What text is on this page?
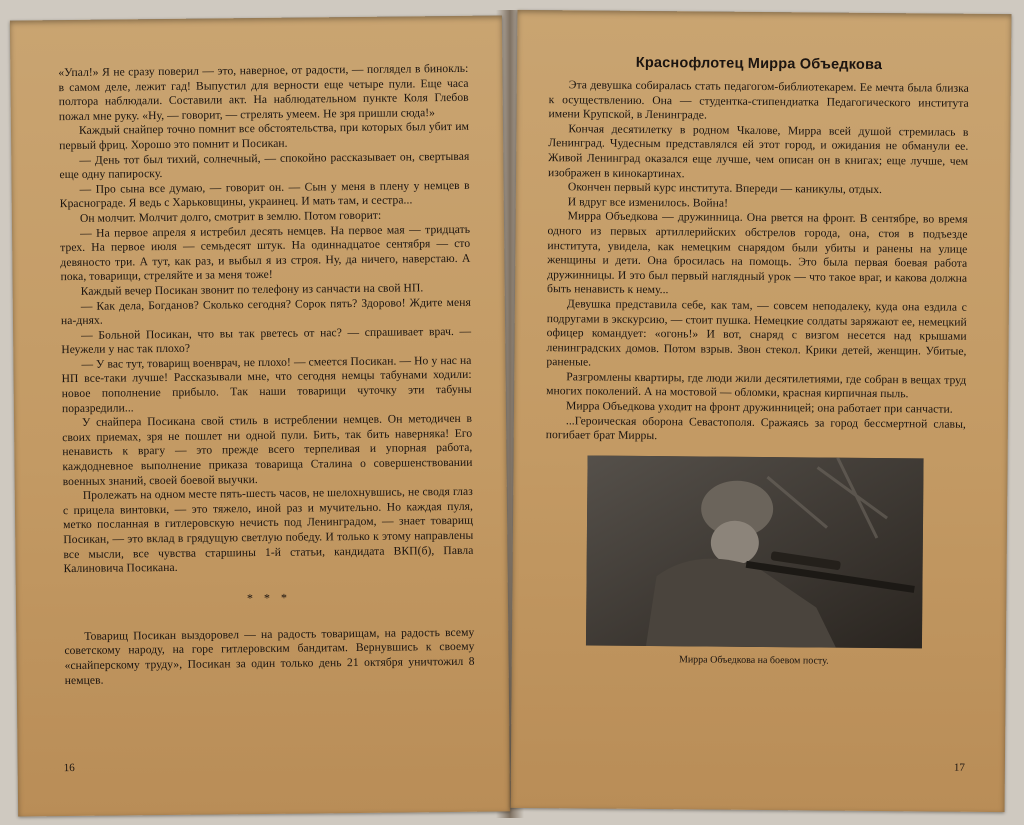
«Упал!» Я не сразу поверил — это, наверное, от радости, — поглядел в бинокль: в самом деле, лежит гад! Выпустил для верности еще четыре пули. Еще часа полтора наблюдали. Составили акт. На наблюдательном пункте Коля Глебов пожал мне руку. «Ну, — говорит, — стрелять умеем. Не зря пришли сюда!»

Каждый снайпер точно помнит все обстоятельства, при которых был убит им первый фриц. Хорошо это помнит и Посикан.

— День тот был тихий, солнечный, — спокойно рассказывает он, свертывая еще одну папироску.

— Про сына все думаю, — говорит он. — Сын у меня в плену у немцев в Краснограде. Я ведь с Харьковщины, украинец. И мать там, и сестра...

Он молчит. Молчит долго, смотрит в землю. Потом говорит:

— На первое апреля я истребил десять немцев. На первое мая — тридцать трех. На первое июля — семьдесят штук. На одиннадцатое сентября — сто девяносто три. А тут, как раз, и выбыл я из строя. Ну, да ничего, наверстаю. А пока, товарищи, стреляйте и за меня тоже!

Каждый вечер Посикан звонит по телефону из санчасти на свой НП.

— Как дела, Богданов? Сколько сегодня? Сорок пять? Здорово! Ждите меня на-днях.

— Больной Посикан, что вы так рветесь от нас? — спрашивает врач. — Неужели у нас так плохо?

— У вас тут, товарищ военврач, не плохо! — смеется Посикан. — Но у нас на НП все-таки лучше! Рассказывали мне, что сегодня немцы табунами ходили: новое пополнение прибыло. Так наши товарищи чуточку эти табуны поразредили...

У снайпера Посикана свой стиль в истреблении немцев. Он методичен в своих приемах, зря не пошлет ни одной пули. Бить, так бить наверняка! Его ненависть к врагу — это прежде всего терпеливая и упорная работа, каждодневное выполнение приказа товарища Сталина о совершенствовании военных знаний, своей боевой выучки.

Пролежать на одном месте пять-шесть часов, не шелохнувшись, не сводя глаз с прицела винтовки, — это тяжело, иной раз и мучительно. Но каждая пуля, метко посланная в гитлеровскую нечисть под Ленинградом, — знает товарищ Посикан, — это вклад в грядущую светлую победу. И только к этому направлены все мысли, все чувства старшины 1-й статьи, кандидата ВКП(б), Павла Калиновича Посикана.

* * *

Товарищ Посикан выздоровел — на радость товарищам, на радость всему советскому народу, на горе гитлеровским бандитам. Вернувшись к своему «снайперскому труду», Посикан за один только день 21 октября уничтожил 8 немцев.

16
Краснофлотец Мирра Объедкова

Эта девушка собиралась стать педагогом-библиотекарем. Ее мечта была близка к осуществлению. Она — студентка-стипендиатка Педагогического института имени Крупской, в Ленинграде.

Кончая десятилетку в родном Чкалове, Мирра всей душой стремилась в Ленинград. Чудесным представлялся ей этот город, и ожидания не обманули ее. Живой Ленинград оказался еще лучше, чем описан он в книгах; еще лучше, чем изображен в кинокартинах.

Окончен первый курс института. Впереди — каникулы, отдых.

И вдруг все изменилось. Война!

Мирра Объедкова — дружинница. Она рвется на фронт. В сентябре, во время одного из первых артиллерийских обстрелов города, она, стоя в подъезде института, увидела, как немецким снарядом были убиты и ранены на улице женщины и дети. Она бросилась на помощь. Это была первая боевая работа дружинницы. И это был первый наглядный урок — что такое враг, и какова должна быть ненависть к нему...

Девушка представила себе, как там, — совсем неподалеку, куда она ездила с подругами в экскурсию, — стоит пушка. Немецкие солдаты заряжают ее, немецкий офицер командует: «огонь!» И вот, снаряд с визгом несется над крышами ленинградских домов. Потом взрыв. Звон стекол. Крики детей, женщин. Убитые, раненые.

Разгромлены квартиры, где люди жили десятилетиями, где собран в вещах труд многих поколений. А на мостовой — обломки, красная кирпичная пыль.

Мирра Объедкова уходит на фронт дружинницей; она работает при санчасти.

...Героическая оборона Севастополя. Сражаясь за город бессмертной славы, погибает брат Мирры.

Мирра Объедкова на боевом посту.
17
